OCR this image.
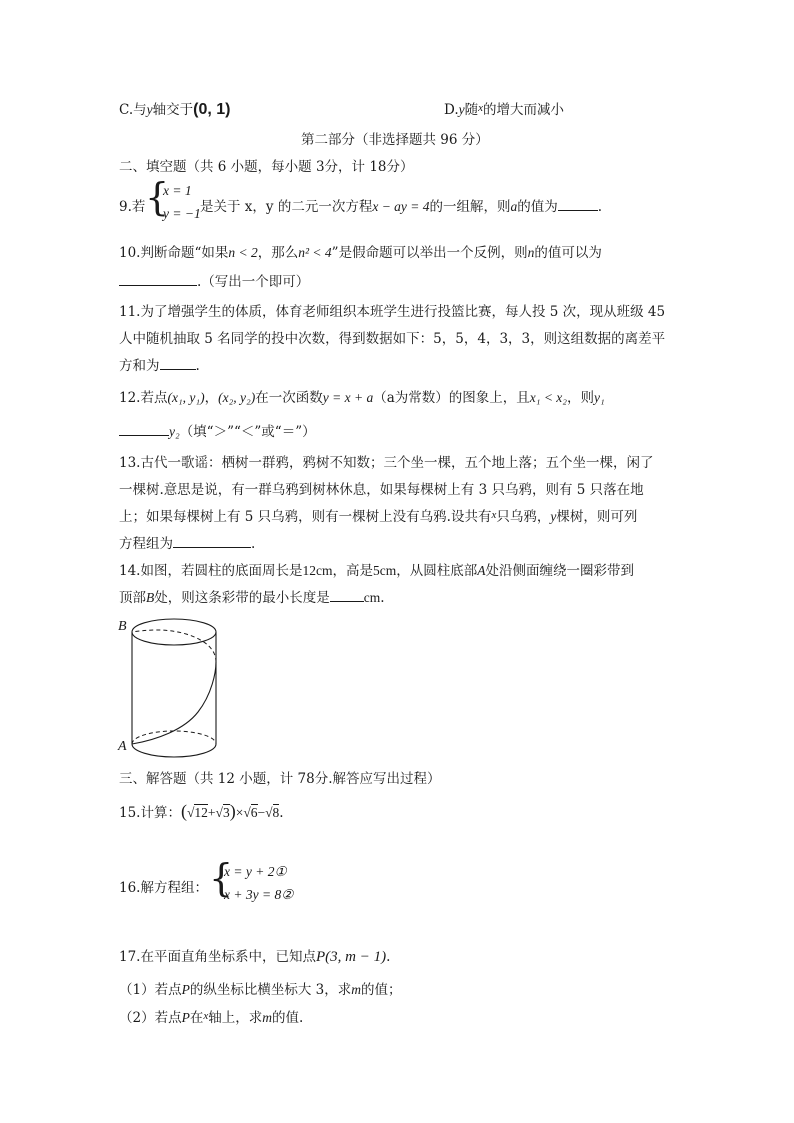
C.与y轴交于(0, 1)	D.y随$^x$的增大而减小
第二部分（非选择题共 96 分）
二、填空题（共 6 小题，每小题 3分，计 18分）
9.若 {
x = 1
y = −1 是关于 x，y 的二元一次方程x − ay = 4的一组解，则a的值为	.
10.判断命题“如果n < 2，那么n² < 4”是假命题可以举出一个反例，则n的值可以为
.（写出一个即可）
11.为了增强学生的体质，体育老师组织本班学生进行投篮比赛，每人投 5 次，现从班级 45
人中随机抽取 5 名同学的投中次数，得到数据如下：5，5，4，3，3，则这组数据的离差平
方和为	.
12.若点(x₁, y₁)，(x₂, y₂)在一次函数y = x + a（a为常数）的图象上，且x₁ < x₂，则y₁
y₂（填“＞”“＜”或“＝”）
13.古代一歌谣：栖树一群鸦，鸦树不知数；三个坐一棵，五个地上落；五个坐一棵，闲了
一棵树.意思是说，有一群乌鸦到树林休息，如果每棵树上有 3 只乌鸦，则有 5 只落在地
上；如果每棵树上有 5 只乌鸦，则有一棵树上没有乌鸦.设共有$^x$只乌鸦，y棵树，则可列
方程组为	.
14.如图，若圆柱的底面周长是12cm，高是5cm，从圆柱底部A处沿侧面缠绕一圈彩带到
顶部B处，则这条彩带的最小长度是	cm.
B
A
三、解答题（共 12 小题，计 78分.解答应写出过程）
15.计算：(√12+√3)×√6−√8.
16.解方程组： {
x = y + 2①
x + 3y = 8②
17.在平面直角坐标系中，已知点P(3, m − 1).
（1）若点P的纵坐标比横坐标大 3，求m的值；
（2）若点P在$^x$轴上，求m的值.
